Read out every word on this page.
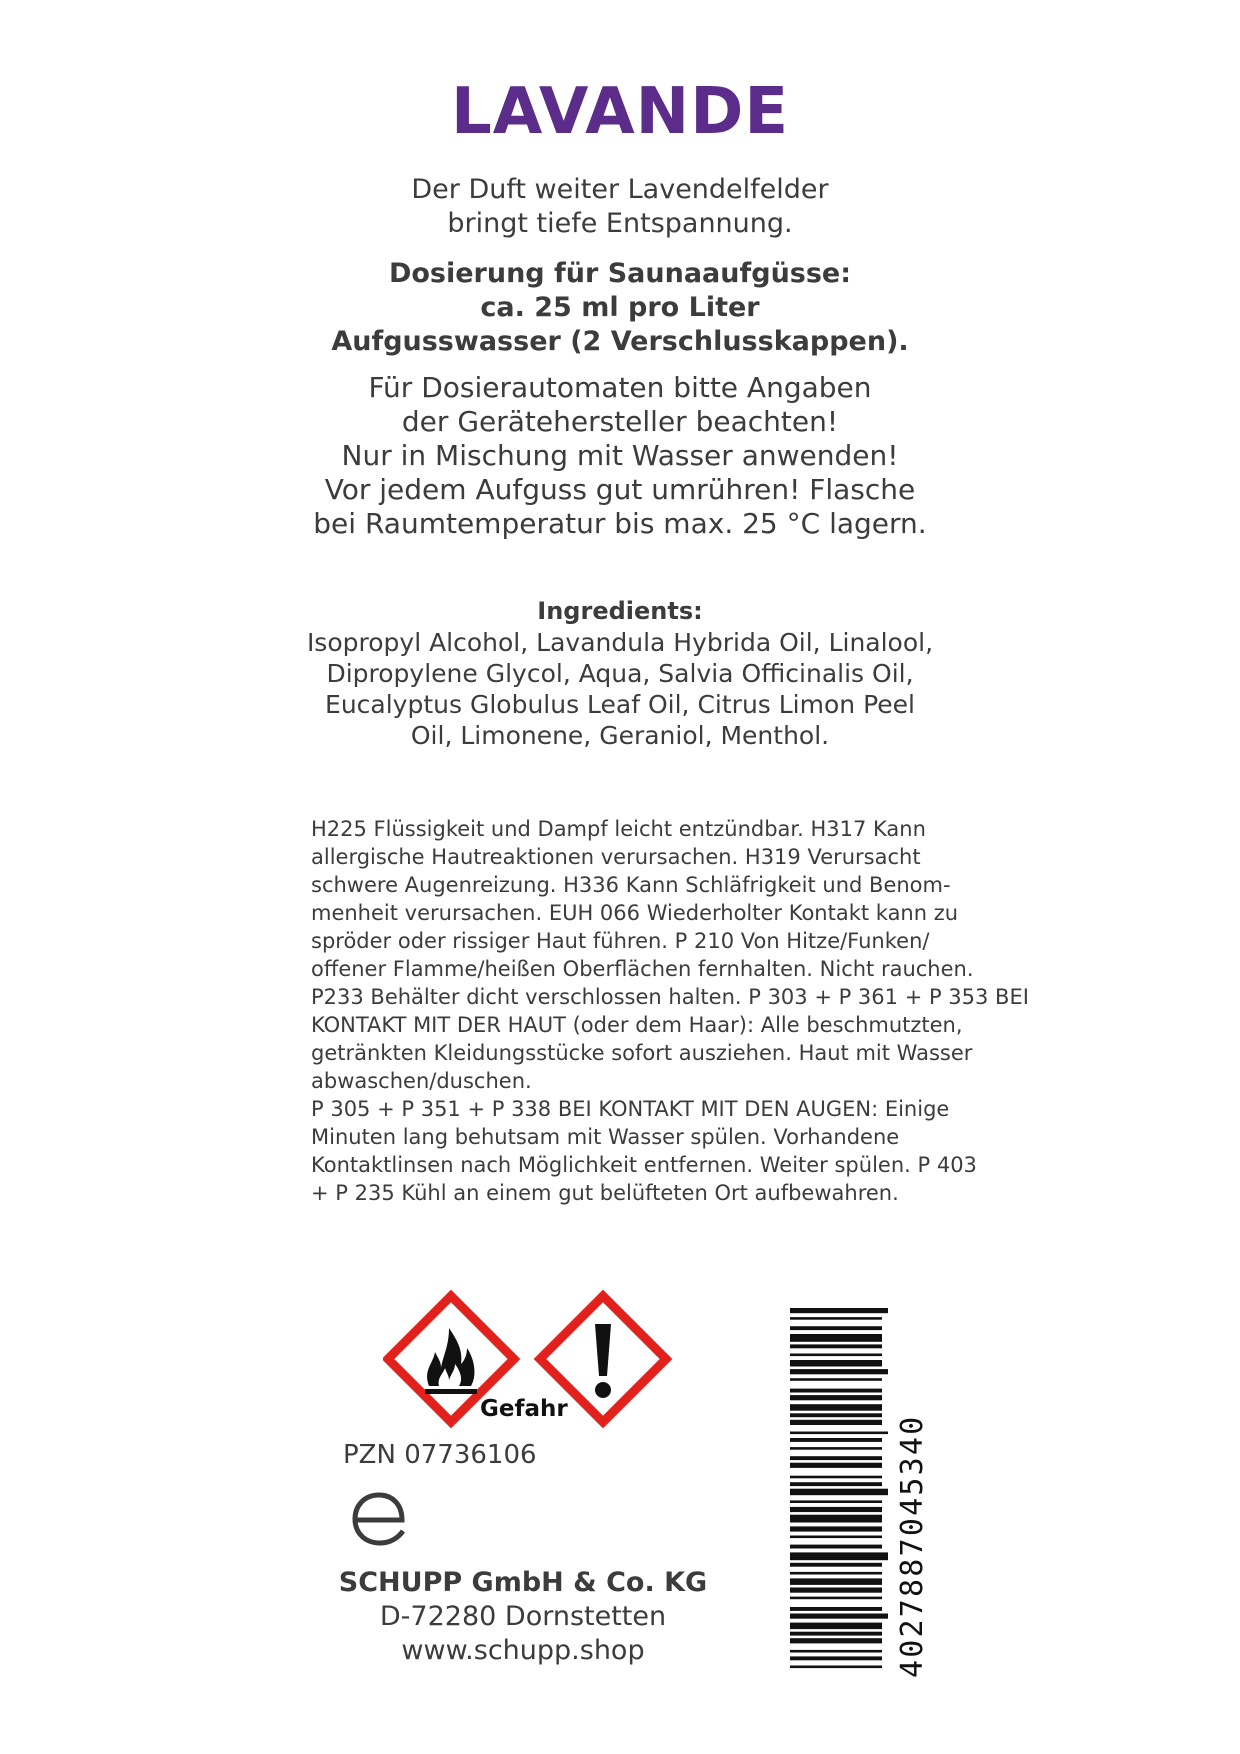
LAVANDE
Der Duft weiter Lavendelfelder
bringt tiefe Entspannung.
Dosierung für Saunaaufgüsse:
ca. 25 ml pro Liter
Aufgusswasser (2 Verschlusskappen).
Für Dosierautomaten bitte Angaben
der Gerätehersteller beachten!
Nur in Mischung mit Wasser anwenden!
Vor jedem Aufguss gut umrühren! Flasche
bei Raumtemperatur bis max. 25 °C lagern.
Ingredients:
Isopropyl Alcohol, Lavandula Hybrida Oil, Linalool,
Dipropylene Glycol, Aqua, Salvia Officinalis Oil,
Eucalyptus Globulus Leaf Oil, Citrus Limon Peel
Oil, Limonene, Geraniol, Menthol.
H225 Flüssigkeit und Dampf leicht entzündbar. H317 Kann
allergische Hautreaktionen verursachen. H319 Verursacht
schwere Augenreizung. H336 Kann Schläfrigkeit und Benom-
menheit verursachen. EUH 066 Wiederholter Kontakt kann zu
spröder oder rissiger Haut führen. P 210 Von Hitze/Funken/
offener Flamme/heißen Oberflächen fernhalten. Nicht rauchen.
P233 Behälter dicht verschlossen halten. P 303 + P 361 + P 353 BEI
KONTAKT MIT DER HAUT (oder dem Haar): Alle beschmutzten,
getränkten Kleidungsstücke sofort ausziehen. Haut mit Wasser
abwaschen/duschen.
P 305 + P 351 + P 338 BEI KONTAKT MIT DEN AUGEN: Einige
Minuten lang behutsam mit Wasser spülen. Vorhandene
Kontaktlinsen nach Möglichkeit entfernen. Weiter spülen. P 403
+ P 235 Kühl an einem gut belüfteten Ort aufbewahren.
Gefahr
PZN 07736106
SCHUPP GmbH & Co. KG
D-72280 Dornstetten
www.schupp.shop	4027887045340
